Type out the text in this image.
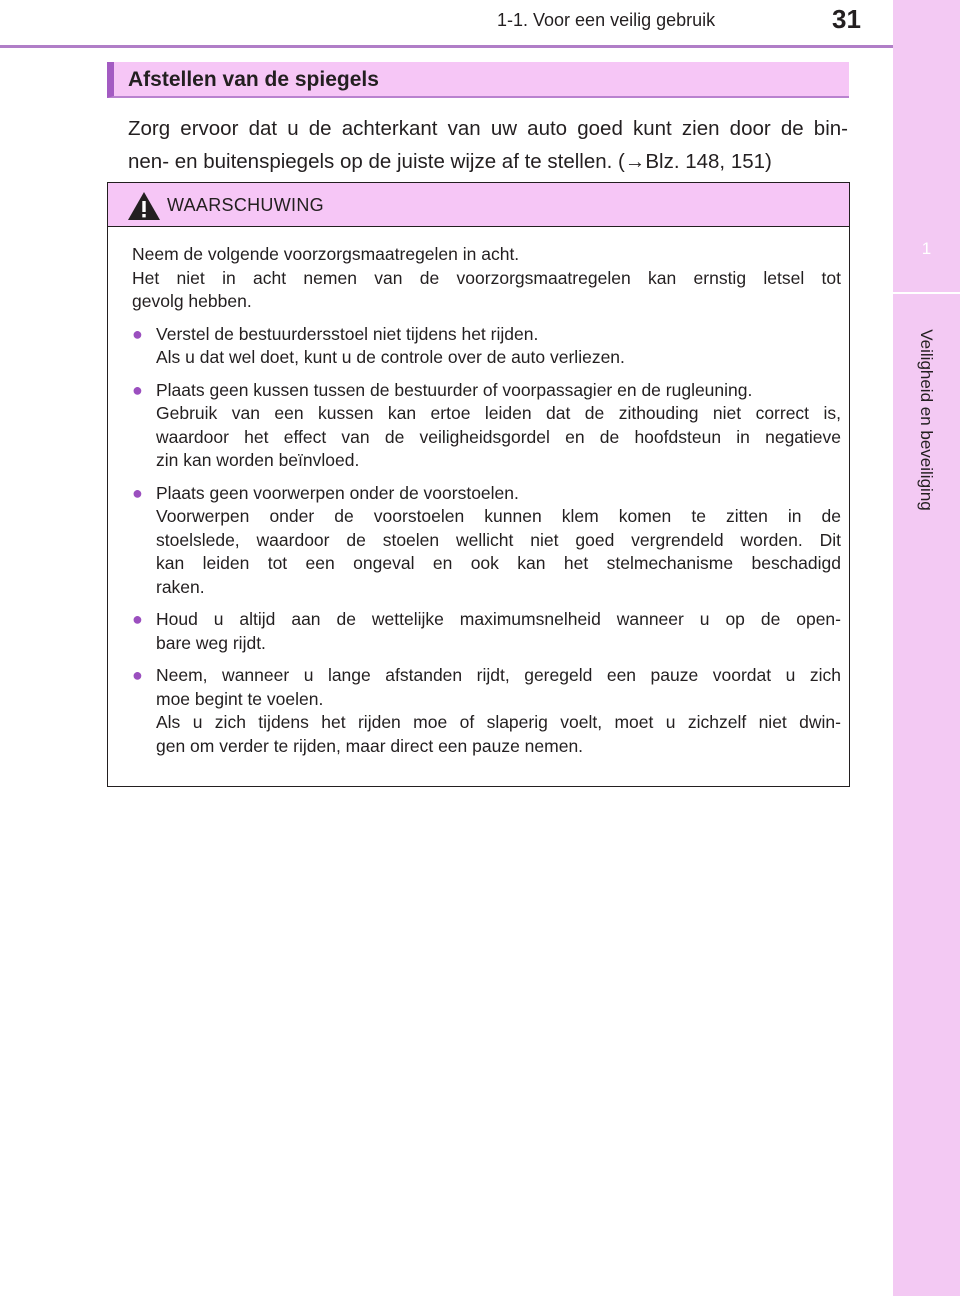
1-1. Voor een veilig gebruik	31
1
Veiligheid en beveiliging
Afstellen van de spiegels
Zorg ervoor dat u de achterkant van uw auto goed kunt zien door de bin-
nen- en buitenspiegels op de juiste wijze af te stellen. (→Blz. 148, 151)
WAARSCHUWING

Neem de volgende voorzorgsmaatregelen in acht.
Het niet in acht nemen van de voorzorgsmaatregelen kan ernstig letsel tot
gevolg hebben.

● Verstel de bestuurdersstoel niet tijdens het rijden.
Als u dat wel doet, kunt u de controle over de auto verliezen.
● Plaats geen kussen tussen de bestuurder of voorpassagier en de rugleuning.
Gebruik van een kussen kan ertoe leiden dat de zithouding niet correct is,
waardoor het effect van de veiligheidsgordel en de hoofdsteun in negatieve
zin kan worden beïnvloed.
● Plaats geen voorwerpen onder de voorstoelen.
Voorwerpen onder de voorstoelen kunnen klem komen te zitten in de
stoelslede, waardoor de stoelen wellicht niet goed vergrendeld worden. Dit
kan leiden tot een ongeval en ook kan het stelmechanisme beschadigd
raken.
● Houd u altijd aan de wettelijke maximumsnelheid wanneer u op de open-
bare weg rijdt.
● Neem, wanneer u lange afstanden rijdt, geregeld een pauze voordat u zich
moe begint te voelen.
Als u zich tijdens het rijden moe of slaperig voelt, moet u zichzelf niet dwin-
gen om verder te rijden, maar direct een pauze nemen.
